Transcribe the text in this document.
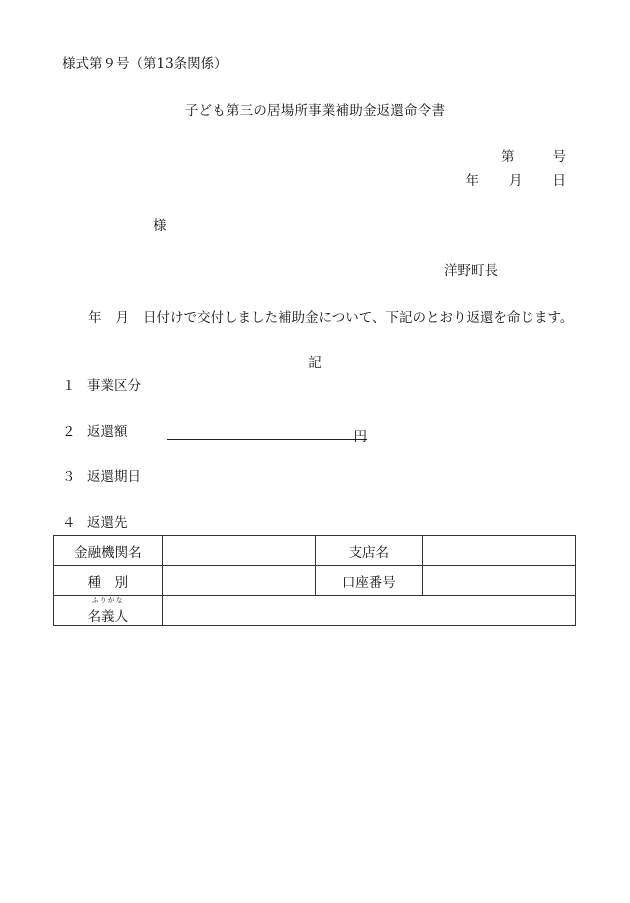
様式第９号（第13条関係）
子ども第三の居場所事業補助金返還命令書
第	号
年 月 日
様
洋野町長
年 月 日付けで交付しました補助金について、下記のとおり返還を命じます。
記
１ 事業区分
２ 返還額	円
３ 返還期日
４ 返還先
金融機関名		支店名	
種　別		口座番号	

ふりがな
名義人			
